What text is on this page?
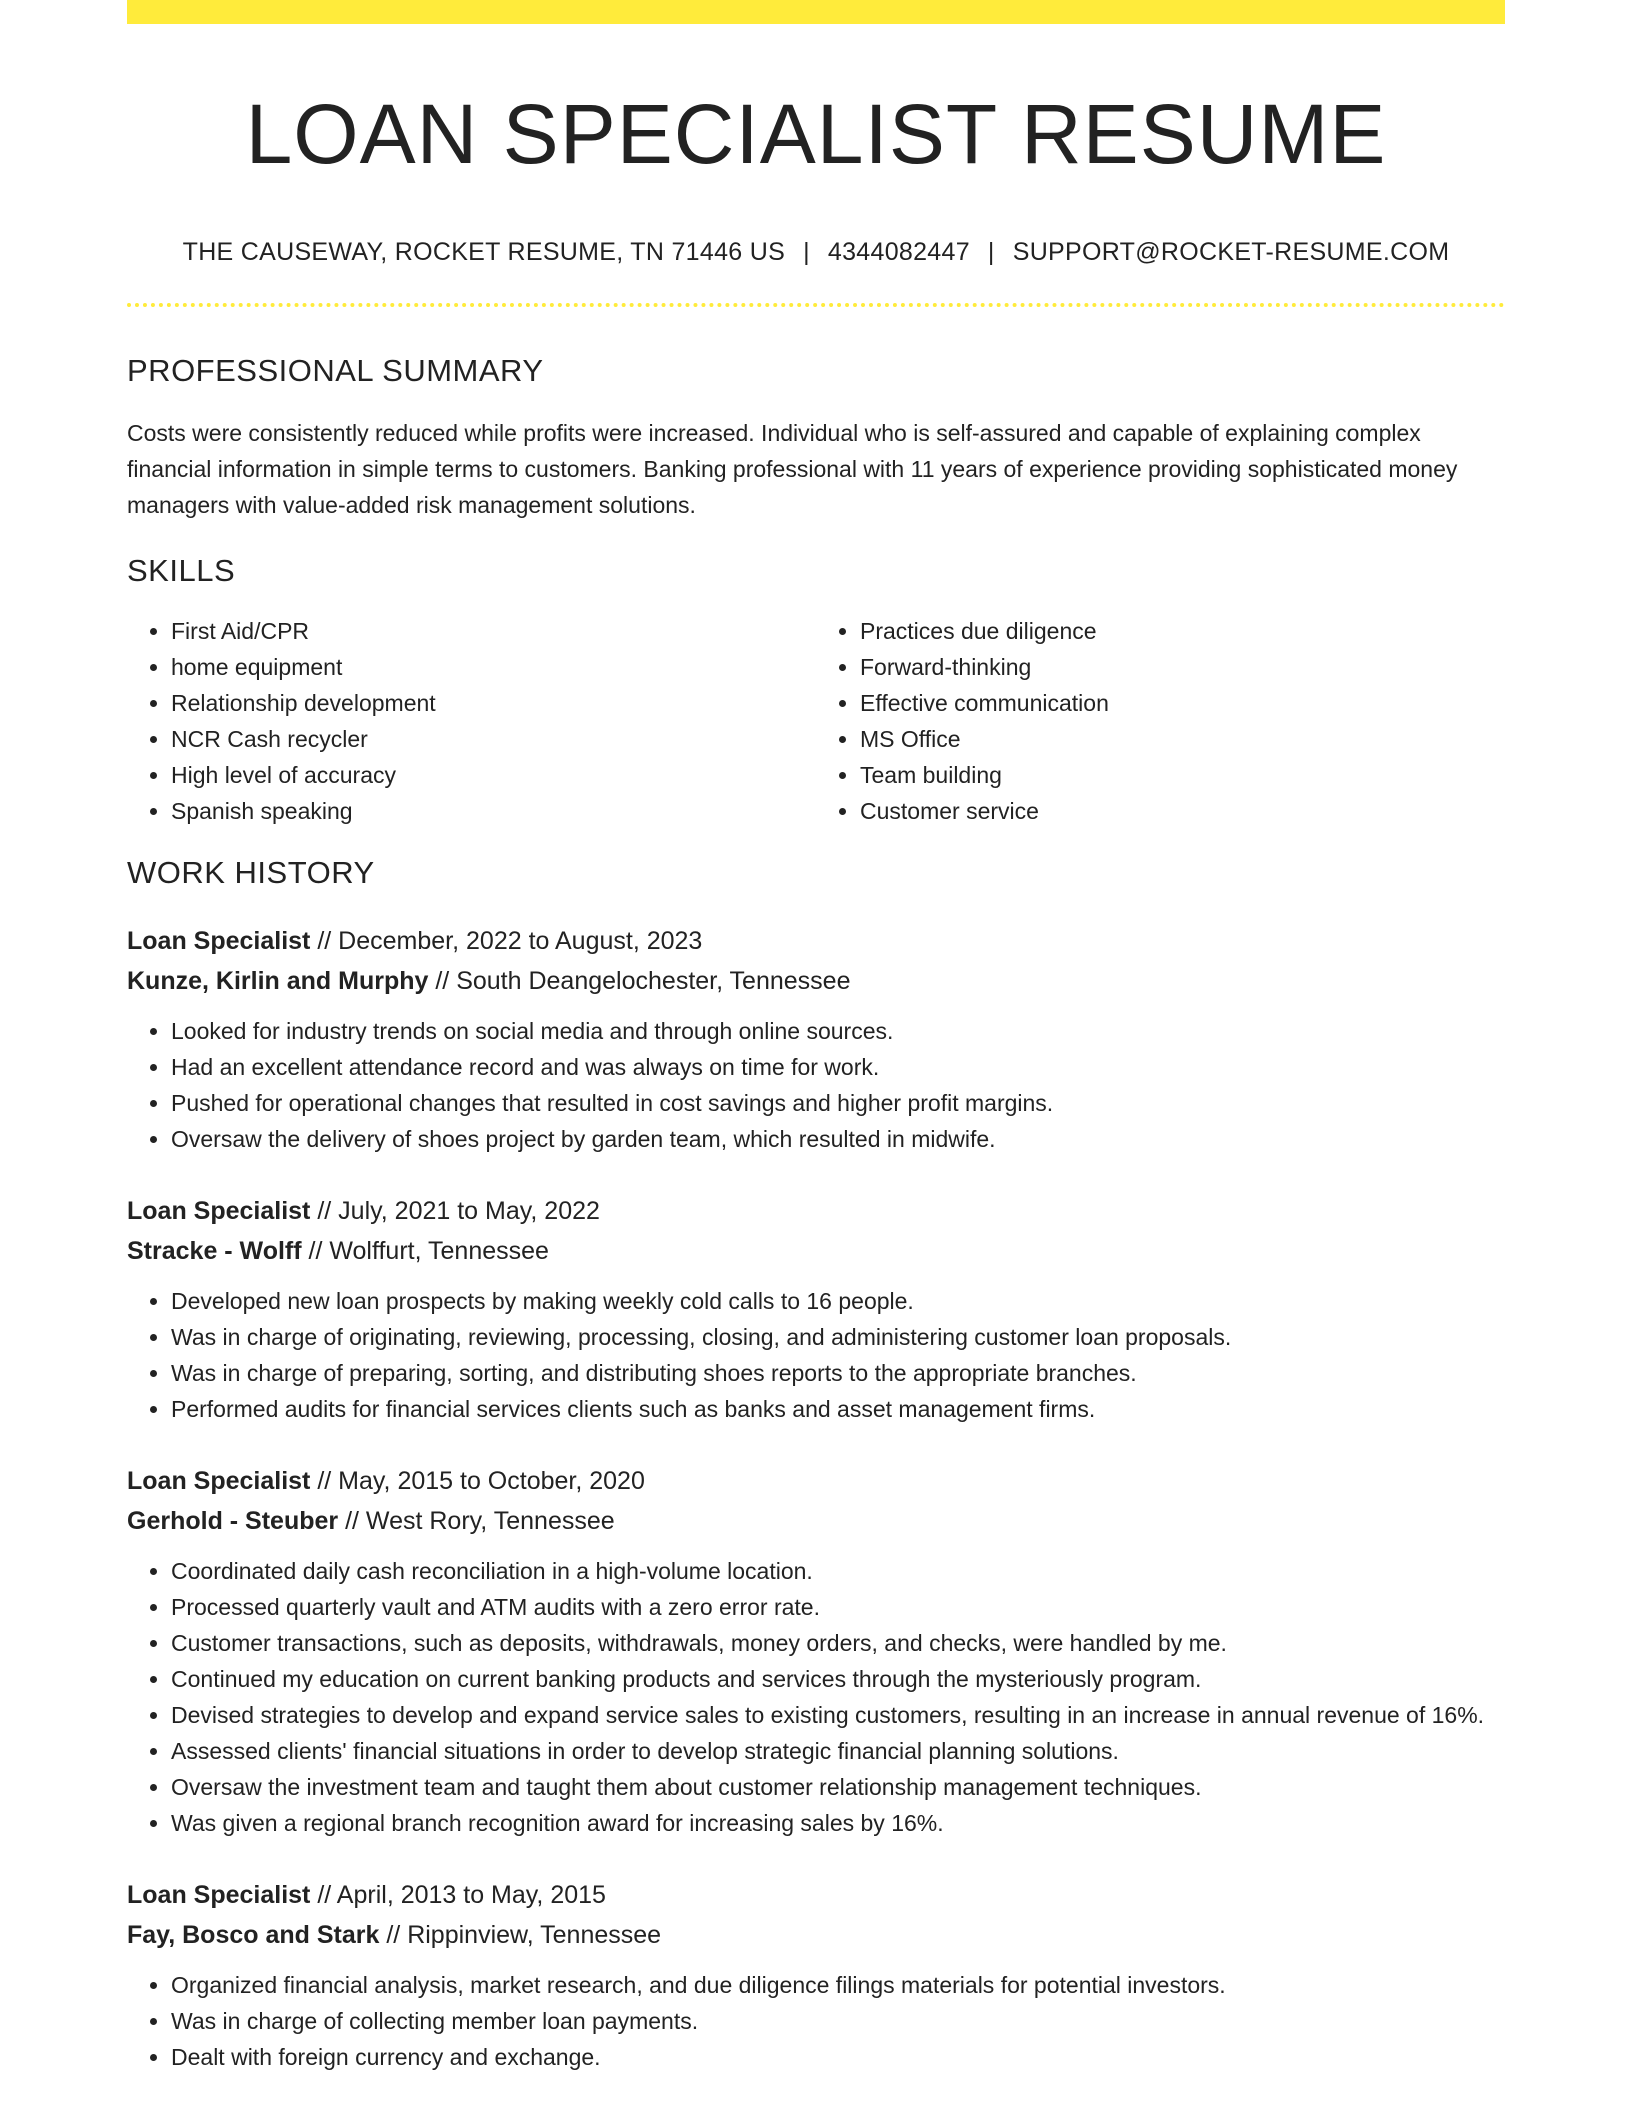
LOAN SPECIALIST RESUME
THE CAUSEWAY, ROCKET RESUME, TN 71446 US | 4344082447 | SUPPORT@ROCKET-RESUME.COM
PROFESSIONAL SUMMARY
Costs were consistently reduced while profits were increased. Individual who is self-assured and capable of explaining complex financial information in simple terms to customers. Banking professional with 11 years of experience providing sophisticated money managers with value-added risk management solutions.
SKILLS
• First Aid/CPR
• home equipment
• Relationship development
• NCR Cash recycler
• High level of accuracy
• Spanish speaking
• Practices due diligence
• Forward-thinking
• Effective communication
• MS Office
• Team building
• Customer service
WORK HISTORY
Loan Specialist // December, 2022 to August, 2023
Kunze, Kirlin and Murphy // South Deangelochester, Tennessee
• Looked for industry trends on social media and through online sources.
• Had an excellent attendance record and was always on time for work.
• Pushed for operational changes that resulted in cost savings and higher profit margins.
• Oversaw the delivery of shoes project by garden team, which resulted in midwife.
Loan Specialist // July, 2021 to May, 2022
Stracke - Wolff // Wolffurt, Tennessee
• Developed new loan prospects by making weekly cold calls to 16 people.
• Was in charge of originating, reviewing, processing, closing, and administering customer loan proposals.
• Was in charge of preparing, sorting, and distributing shoes reports to the appropriate branches.
• Performed audits for financial services clients such as banks and asset management firms.
Loan Specialist // May, 2015 to October, 2020
Gerhold - Steuber // West Rory, Tennessee
• Coordinated daily cash reconciliation in a high-volume location.
• Processed quarterly vault and ATM audits with a zero error rate.
• Customer transactions, such as deposits, withdrawals, money orders, and checks, were handled by me.
• Continued my education on current banking products and services through the mysteriously program.
• Devised strategies to develop and expand service sales to existing customers, resulting in an increase in annual revenue of 16%.
• Assessed clients' financial situations in order to develop strategic financial planning solutions.
• Oversaw the investment team and taught them about customer relationship management techniques.
• Was given a regional branch recognition award for increasing sales by 16%.
Loan Specialist // April, 2013 to May, 2015
Fay, Bosco and Stark // Rippinview, Tennessee
• Organized financial analysis, market research, and due diligence filings materials for potential investors.
• Was in charge of collecting member loan payments.
• Dealt with foreign currency and exchange.
